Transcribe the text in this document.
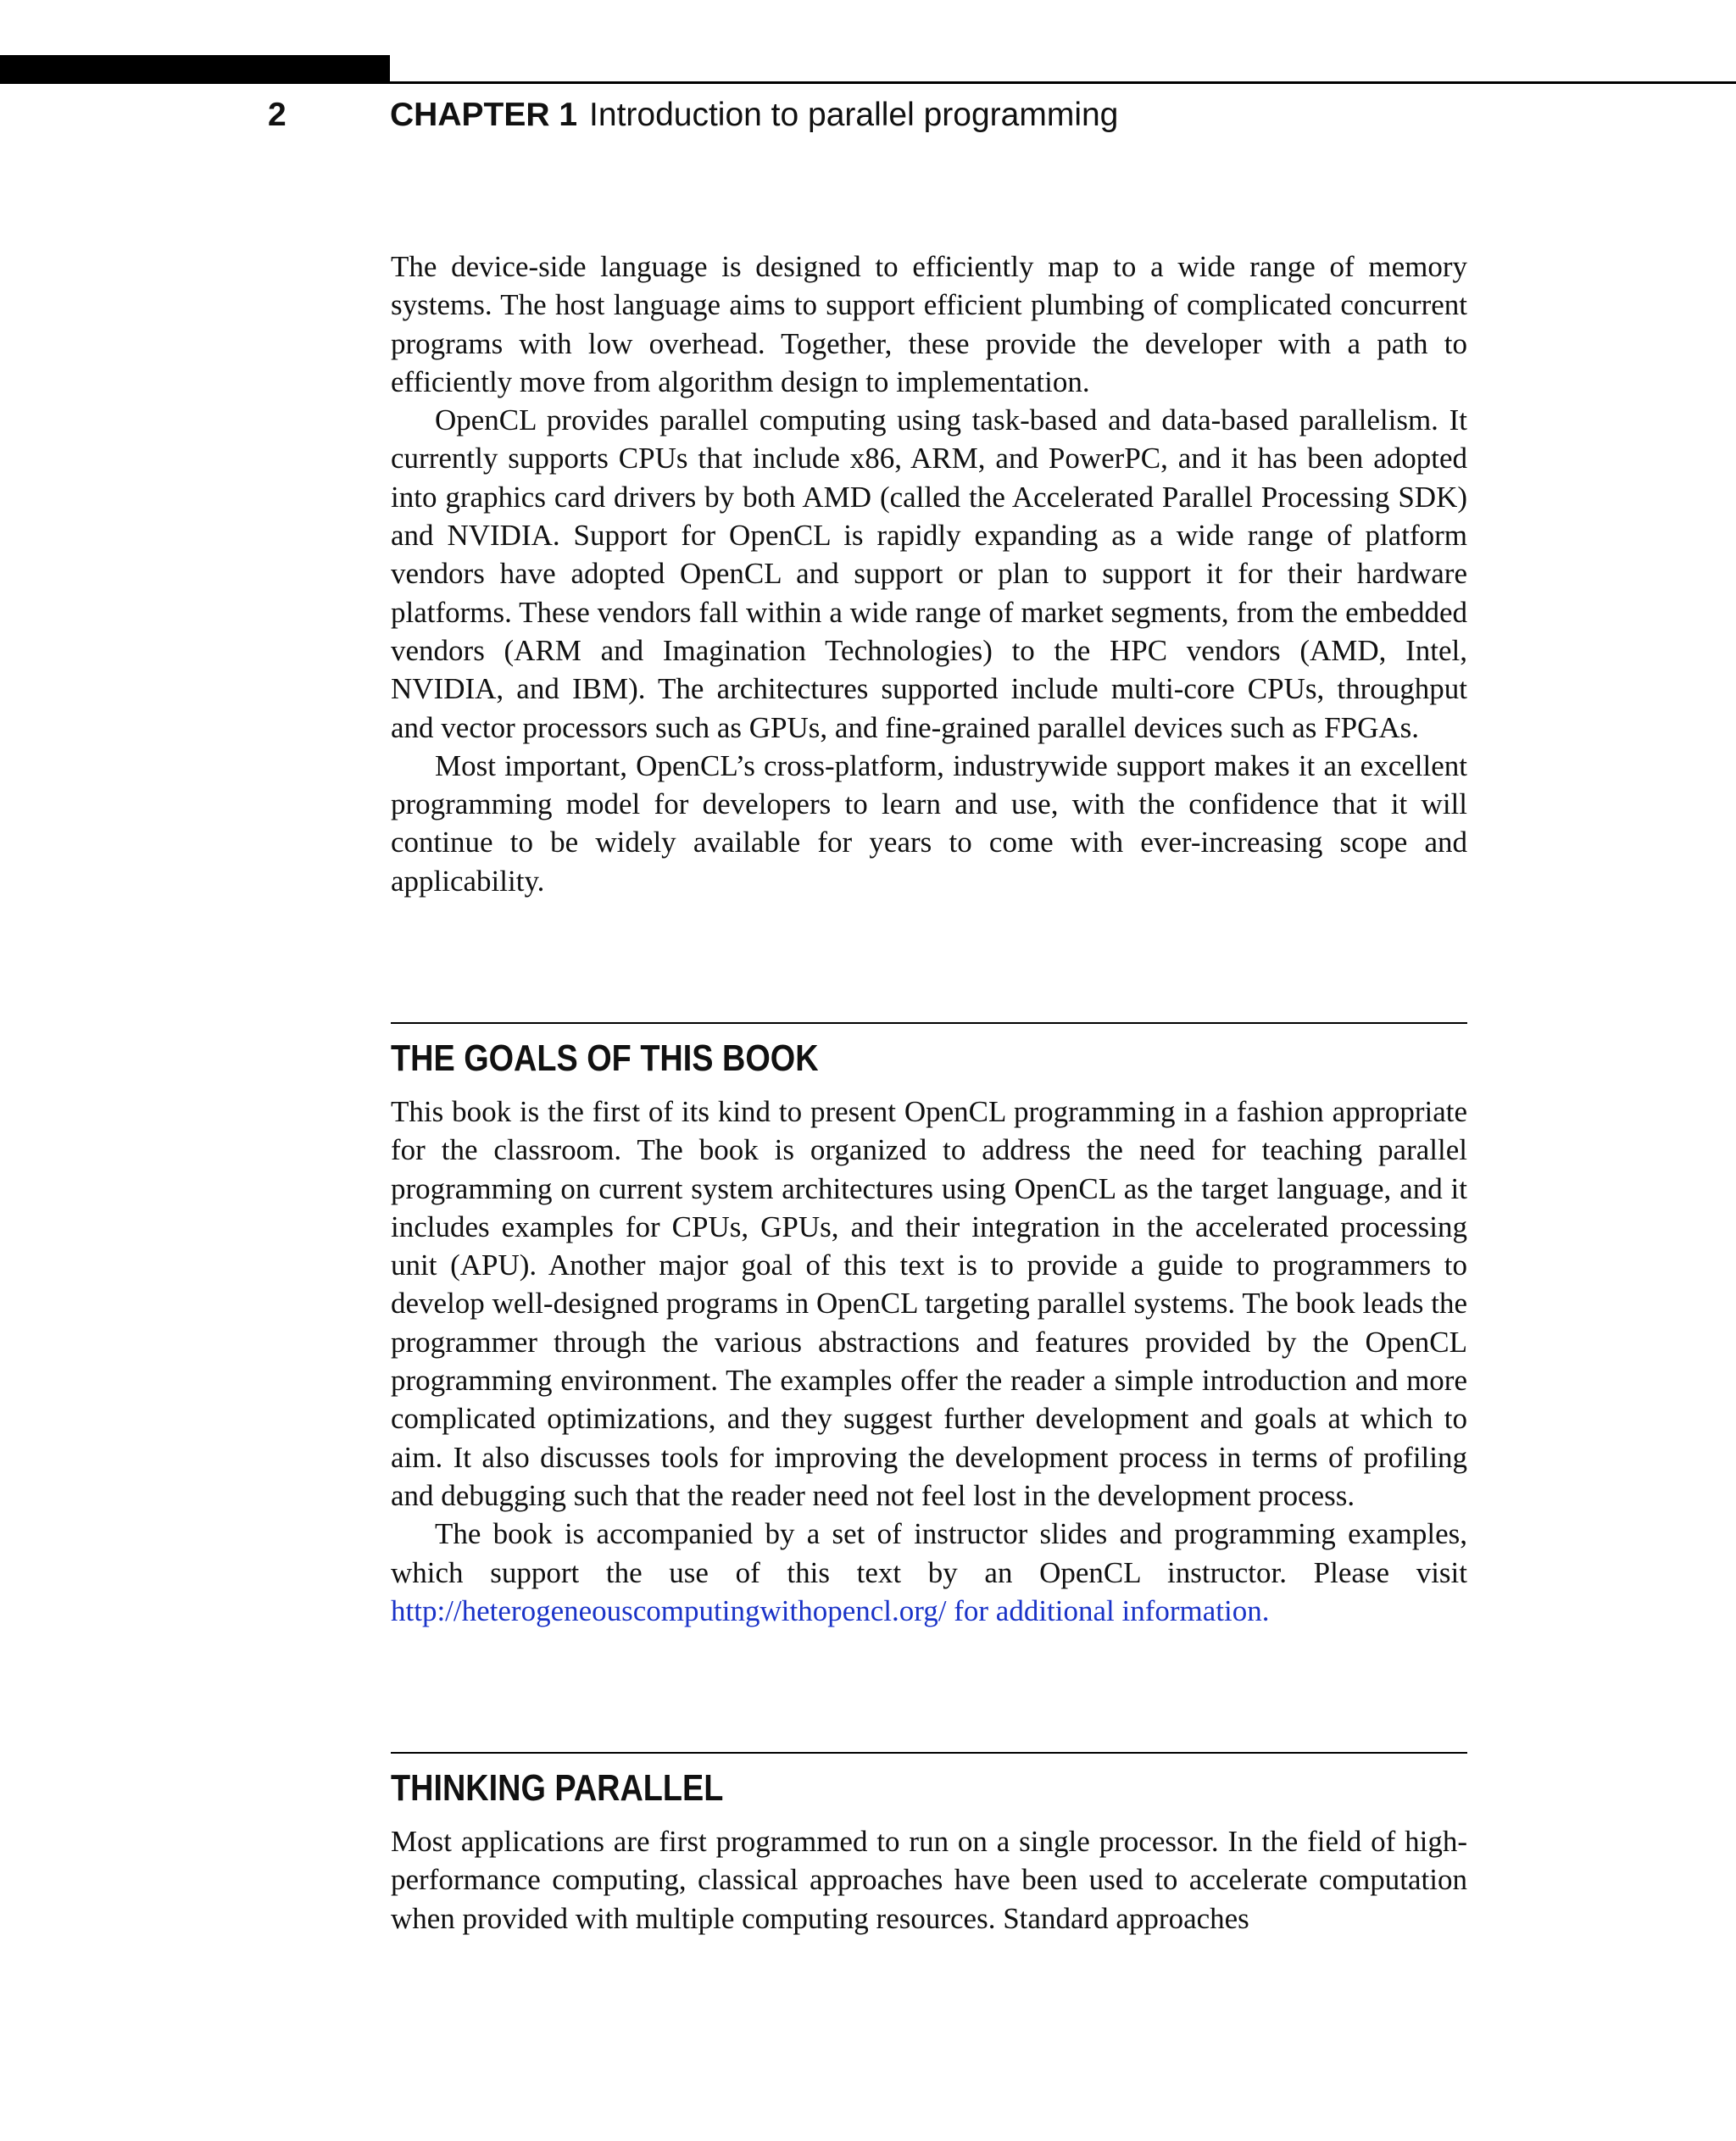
2	CHAPTER 1 Introduction to parallel programming

The device-side language is designed to efficiently map to a wide range of memory systems. The host language aims to support efficient plumbing of complicated concurrent programs with low overhead. Together, these provide the developer with a path to efficiently move from algorithm design to implementation.

OpenCL provides parallel computing using task-based and data-based parallelism. It currently supports CPUs that include x86, ARM, and PowerPC, and it has been adopted into graphics card drivers by both AMD (called the Accelerated Parallel Processing SDK) and NVIDIA. Support for OpenCL is rapidly expanding as a wide range of platform vendors have adopted OpenCL and support or plan to support it for their hardware platforms. These vendors fall within a wide range of market segments, from the embedded vendors (ARM and Imagination Technologies) to the HPC vendors (AMD, Intel, NVIDIA, and IBM). The architectures supported include multi-core CPUs, throughput and vector processors such as GPUs, and fine-grained parallel devices such as FPGAs.

Most important, OpenCL’s cross-platform, industrywide support makes it an excellent programming model for developers to learn and use, with the confidence that it will continue to be widely available for years to come with ever-increasing scope and applicability.

THE GOALS OF THIS BOOK

This book is the first of its kind to present OpenCL programming in a fashion appropriate for the classroom. The book is organized to address the need for teaching parallel programming on current system architectures using OpenCL as the target language, and it includes examples for CPUs, GPUs, and their integration in the accelerated processing unit (APU). Another major goal of this text is to provide a guide to programmers to develop well-designed programs in OpenCL targeting parallel systems. The book leads the programmer through the various abstractions and features provided by the OpenCL programming environment. The examples offer the reader a simple introduction and more complicated optimizations, and they suggest further development and goals at which to aim. It also discusses tools for improving the development process in terms of profiling and debugging such that the reader need not feel lost in the development process.

The book is accompanied by a set of instructor slides and programming examples, which support the use of this text by an OpenCL instructor. Please visit http://heterogeneouscomputingwithopencl.org/ for additional information.

THINKING PARALLEL

Most applications are first programmed to run on a single processor. In the field of high-performance computing, classical approaches have been used to accelerate computation when provided with multiple computing resources. Standard approaches
